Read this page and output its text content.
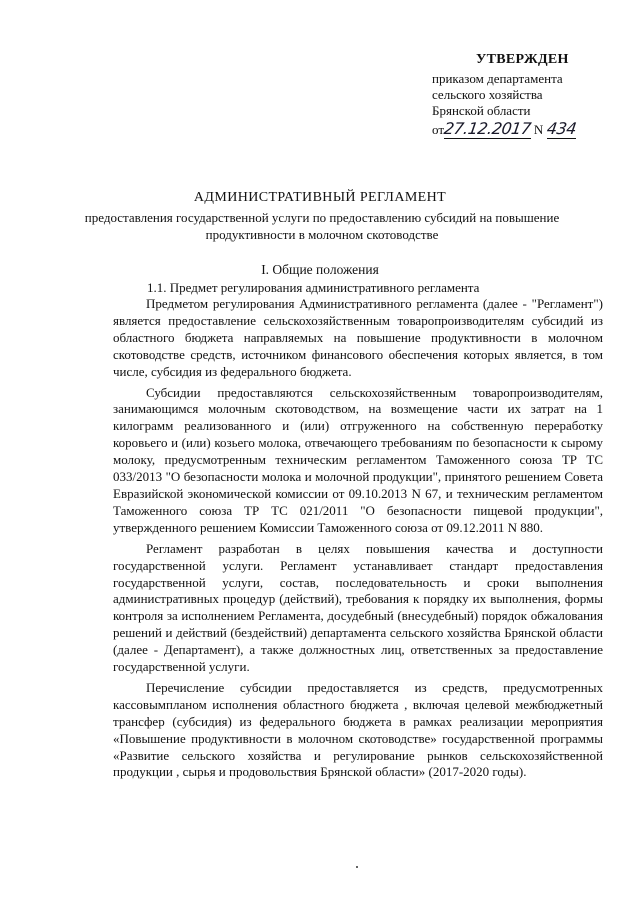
УТВЕРЖДЕН
приказом департамента
сельского хозяйства
Брянской области
от27.12.2017 N 434
АДМИНИСТРАТИВНЫЙ РЕГЛАМЕНТ
предоставления государственной услуги по предоставлению субсидий на повышение продуктивности в молочном скотоводстве
I. Общие положения
1.1. Предмет регулирования административного регламента

Предметом регулирования Административного регламента (далее - "Регламент") является предоставление сельскохозяйственным товаропроизводителям субсидий из областного бюджета направляемых на повышение продуктивности в молочном скотоводстве средств, источником финансового обеспечения которых является, в том числе, субсидия из федерального бюджета.

Субсидии предоставляются сельскохозяйственным товаропроизводителям, занимающимся молочным скотоводством, на возмещение части их затрат на 1 килограмм реализованного и (или) отгруженного на собственную переработку коровьего и (или) козьего молока, отвечающего требованиям по безопасности к сырому молоку, предусмотренным техническим регламентом Таможенного союза ТР ТС 033/2013 "О безопасности молока и молочной продукции", принятого решением Совета Евразийской экономической комиссии от 09.10.2013 N 67, и техническим регламентом Таможенного союза ТР ТС 021/2011 "О безопасности пищевой продукции", утвержденного решением Комиссии Таможенного союза от 09.12.2011 N 880.

Регламент разработан в целях повышения качества и доступности государственной услуги. Регламент устанавливает стандарт предоставления государственной услуги, состав, последовательность и сроки выполнения административных процедур (действий), требования к порядку их выполнения, формы контроля за исполнением Регламента, досудебный (внесудебный) порядок обжалования решений и действий (бездействий) департамента сельского хозяйства Брянской области (далее - Департамент), а также должностных лиц, ответственных за предоставление государственной услуги.

Перечисление субсидии предоставляется из средств, предусмотренных кассовымпланом исполнения областного бюджета , включая целевой межбюджетный трансфер (субсидия) из федерального бюджета в рамках реализации мероприятия «Повышение продуктивности в молочном скотоводстве» государственной программы «Развитие сельского хозяйства и регулирование рынков сельскохозяйственной продукции , сырья и продовольствия Брянской области» (2017-2020 годы).
